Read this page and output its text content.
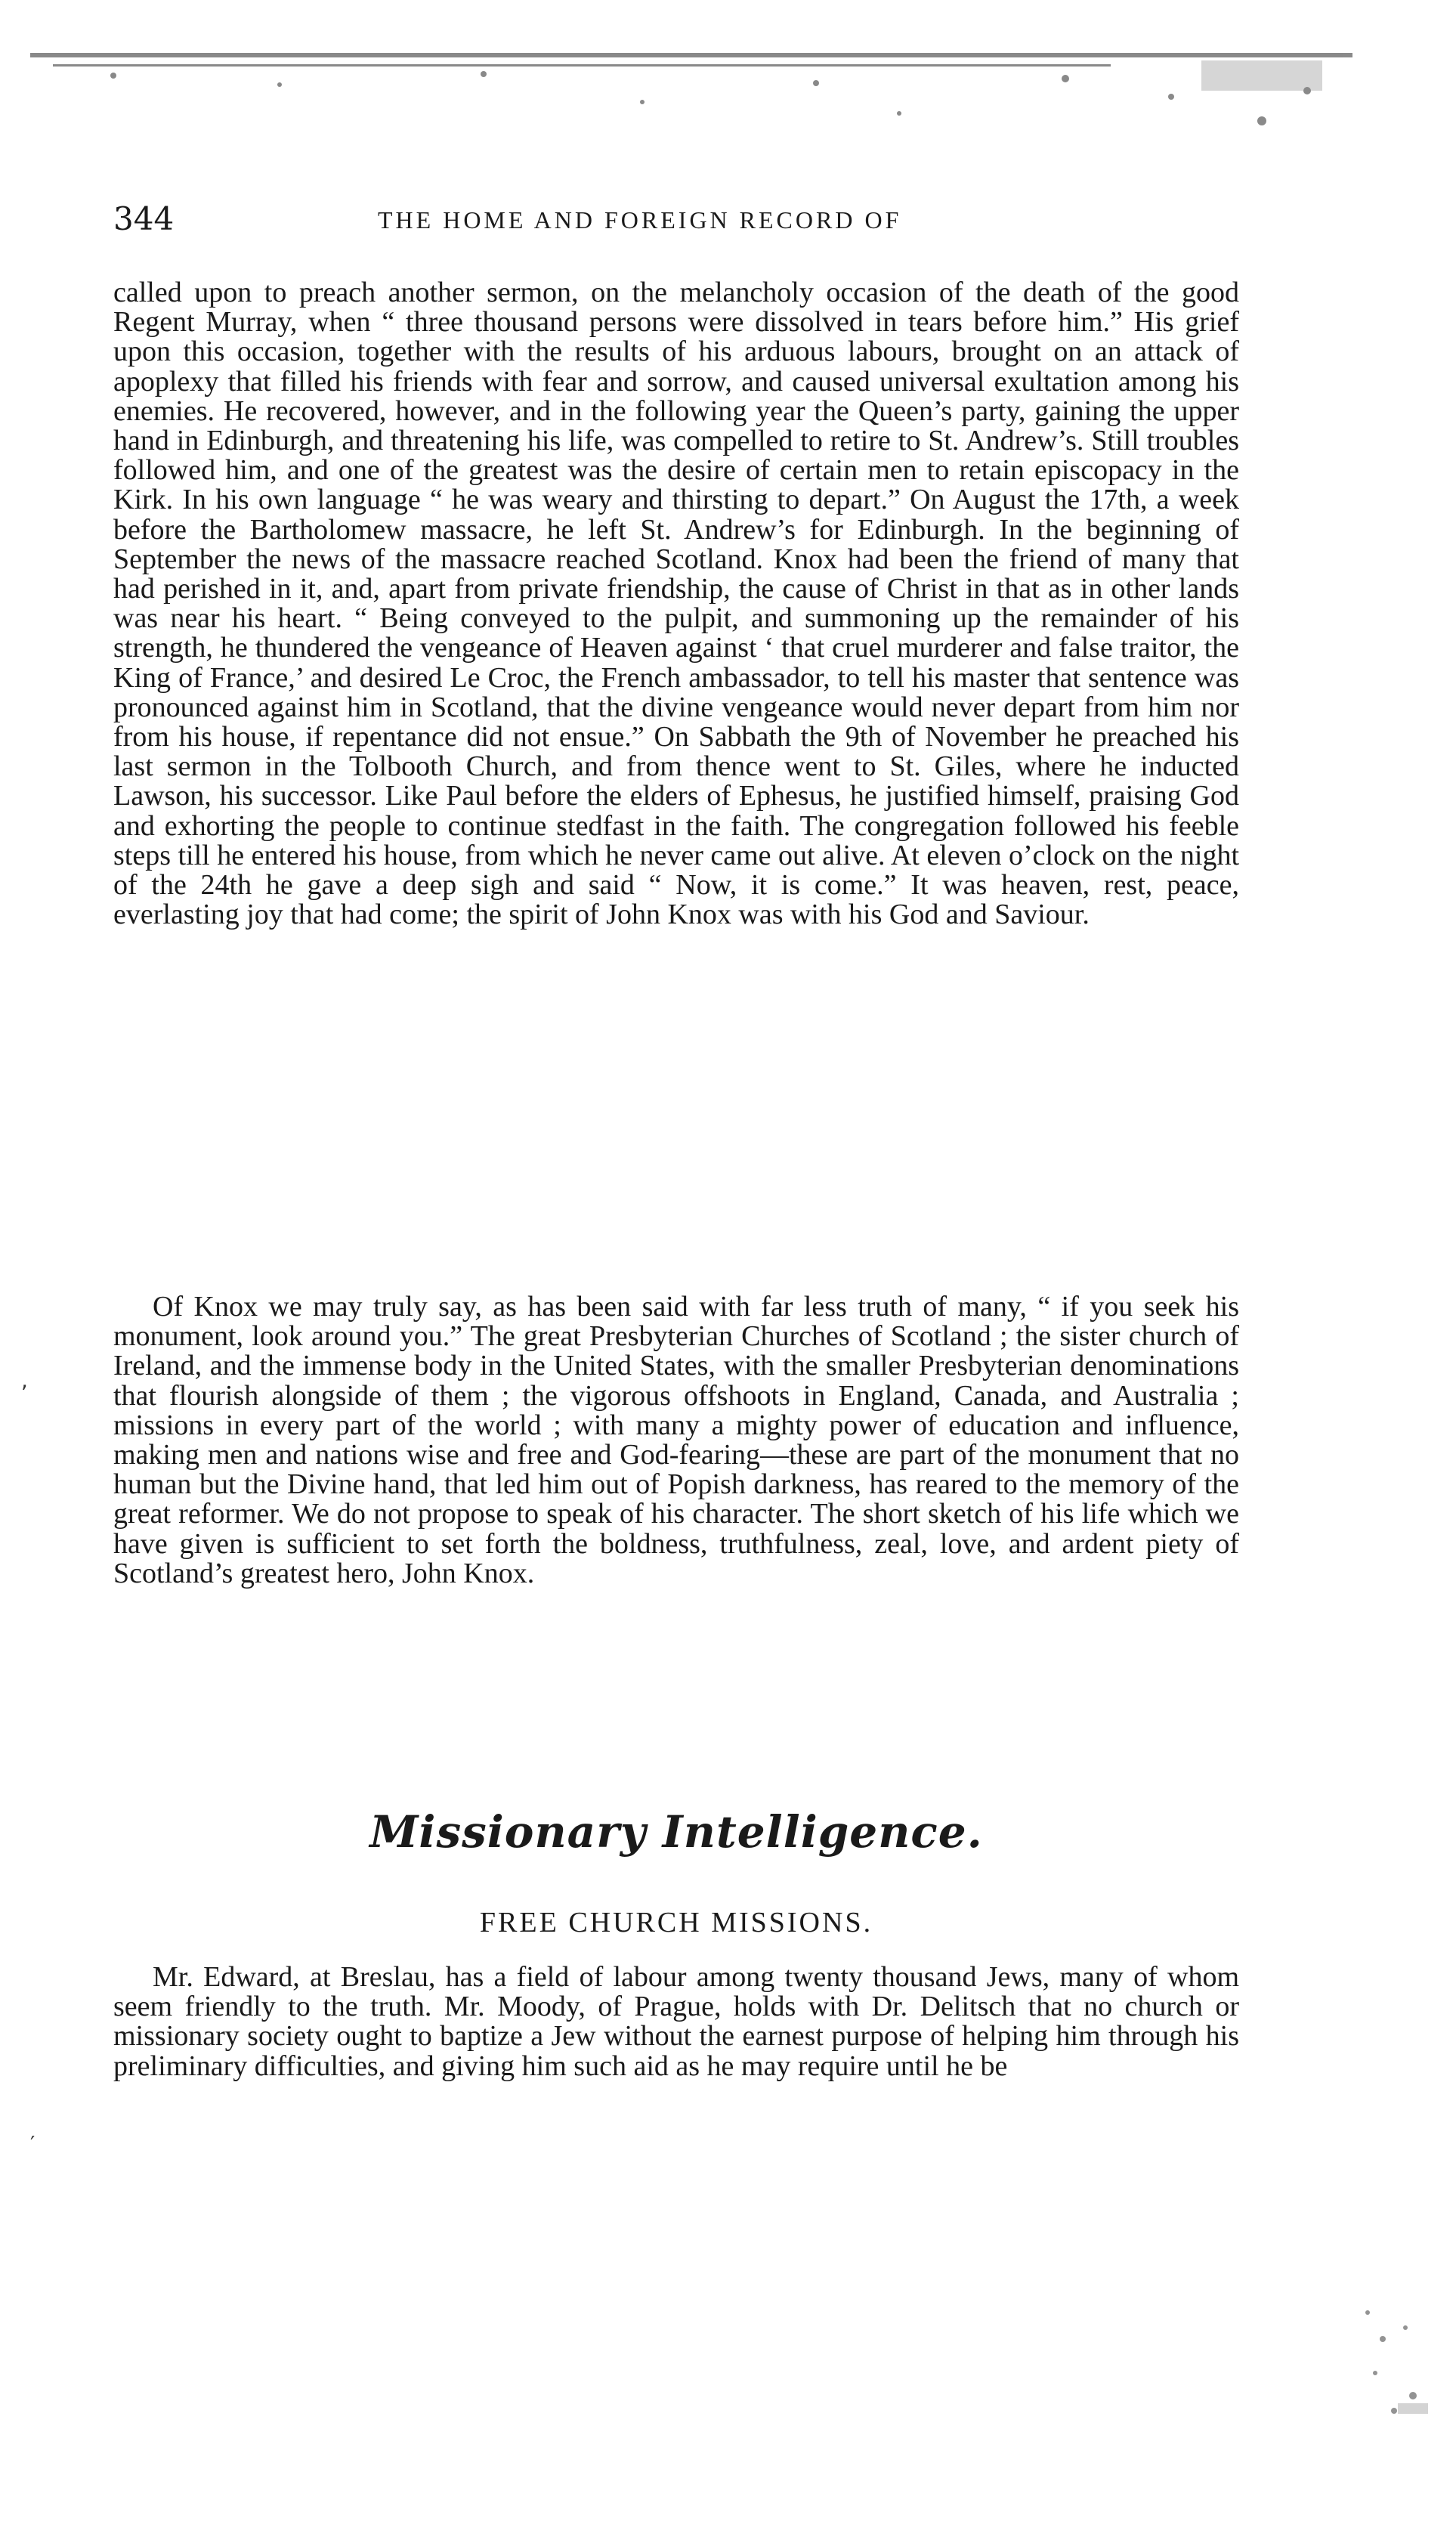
344	THE HOME AND FOREIGN RECORD OF
called upon to preach another sermon, on the melancholy occasion of the death of the good Regent Murray, when “ three thousand persons were dissolved in tears before him.” His grief upon this occasion, together with the results of his arduous labours, brought on an attack of apoplexy that filled his friends with fear and sorrow, and caused universal exultation among his enemies. He recovered, however, and in the following year the Queen’s party, gaining the upper hand in Edinburgh, and threatening his life, was compelled to retire to St. Andrew’s. Still troubles followed him, and one of the greatest was the desire of certain men to retain episcopacy in the Kirk. In his own language “ he was weary and thirsting to depart.” On August the 17th, a week before the Bartholomew massacre, he left St. Andrew’s for Edinburgh. In the beginning of September the news of the massacre reached Scotland. Knox had been the friend of many that had perished in it, and, apart from private friendship, the cause of Christ in that as in other lands was near his heart. “ Being conveyed to the pulpit, and summoning up the remainder of his strength, he thundered the vengeance of Heaven against ‘ that cruel murderer and false traitor, the King of France,’ and desired Le Croc, the French ambassador, to tell his master that sentence was pronounced against him in Scotland, that the divine vengeance would never depart from him nor from his house, if repentance did not ensue.” On Sabbath the 9th of November he preached his last sermon in the Tolbooth Church, and from thence went to St. Giles, where he inducted Lawson, his successor. Like Paul before the elders of Ephesus, he justified himself, praising God and exhorting the people to continue stedfast in the faith. The congregation followed his feeble steps till he entered his house, from which he never came out alive. At eleven o’clock on the night of the 24th he gave a deep sigh and said “ Now, it is come.” It was heaven, rest, peace, everlasting joy that had come; the spirit of John Knox was with his God and Saviour.
Of Knox we may truly say, as has been said with far less truth of many, “ if you seek his monument, look around you.” The great Presbyterian Churches of Scotland ; the sister church of Ireland, and the immense body in the United States, with the smaller Presbyterian denominations that flourish alongside of them ; the vigorous offshoots in England, Canada, and Australia ; missions in every part of the world ; with many a mighty power of education and influence, making men and nations wise and free and God-fearing—these are part of the monument that no human but the Divine hand, that led him out of Popish darkness, has reared to the memory of the great reformer. We do not propose to speak of his character. The short sketch of his life which we have given is sufficient to set forth the boldness, truthfulness, zeal, love, and ardent piety of Scotland’s greatest hero, John Knox.
Missionary Intelligence.
FREE CHURCH MISSIONS.
Mr. Edward, at Breslau, has a field of labour among twenty thousand Jews, many of whom seem friendly to the truth. Mr. Moody, of Prague, holds with Dr. Delitsch that no church or missionary society ought to baptize a Jew without the earnest purpose of helping him through his preliminary difficulties, and giving him such aid as he may require until he be
,
′
